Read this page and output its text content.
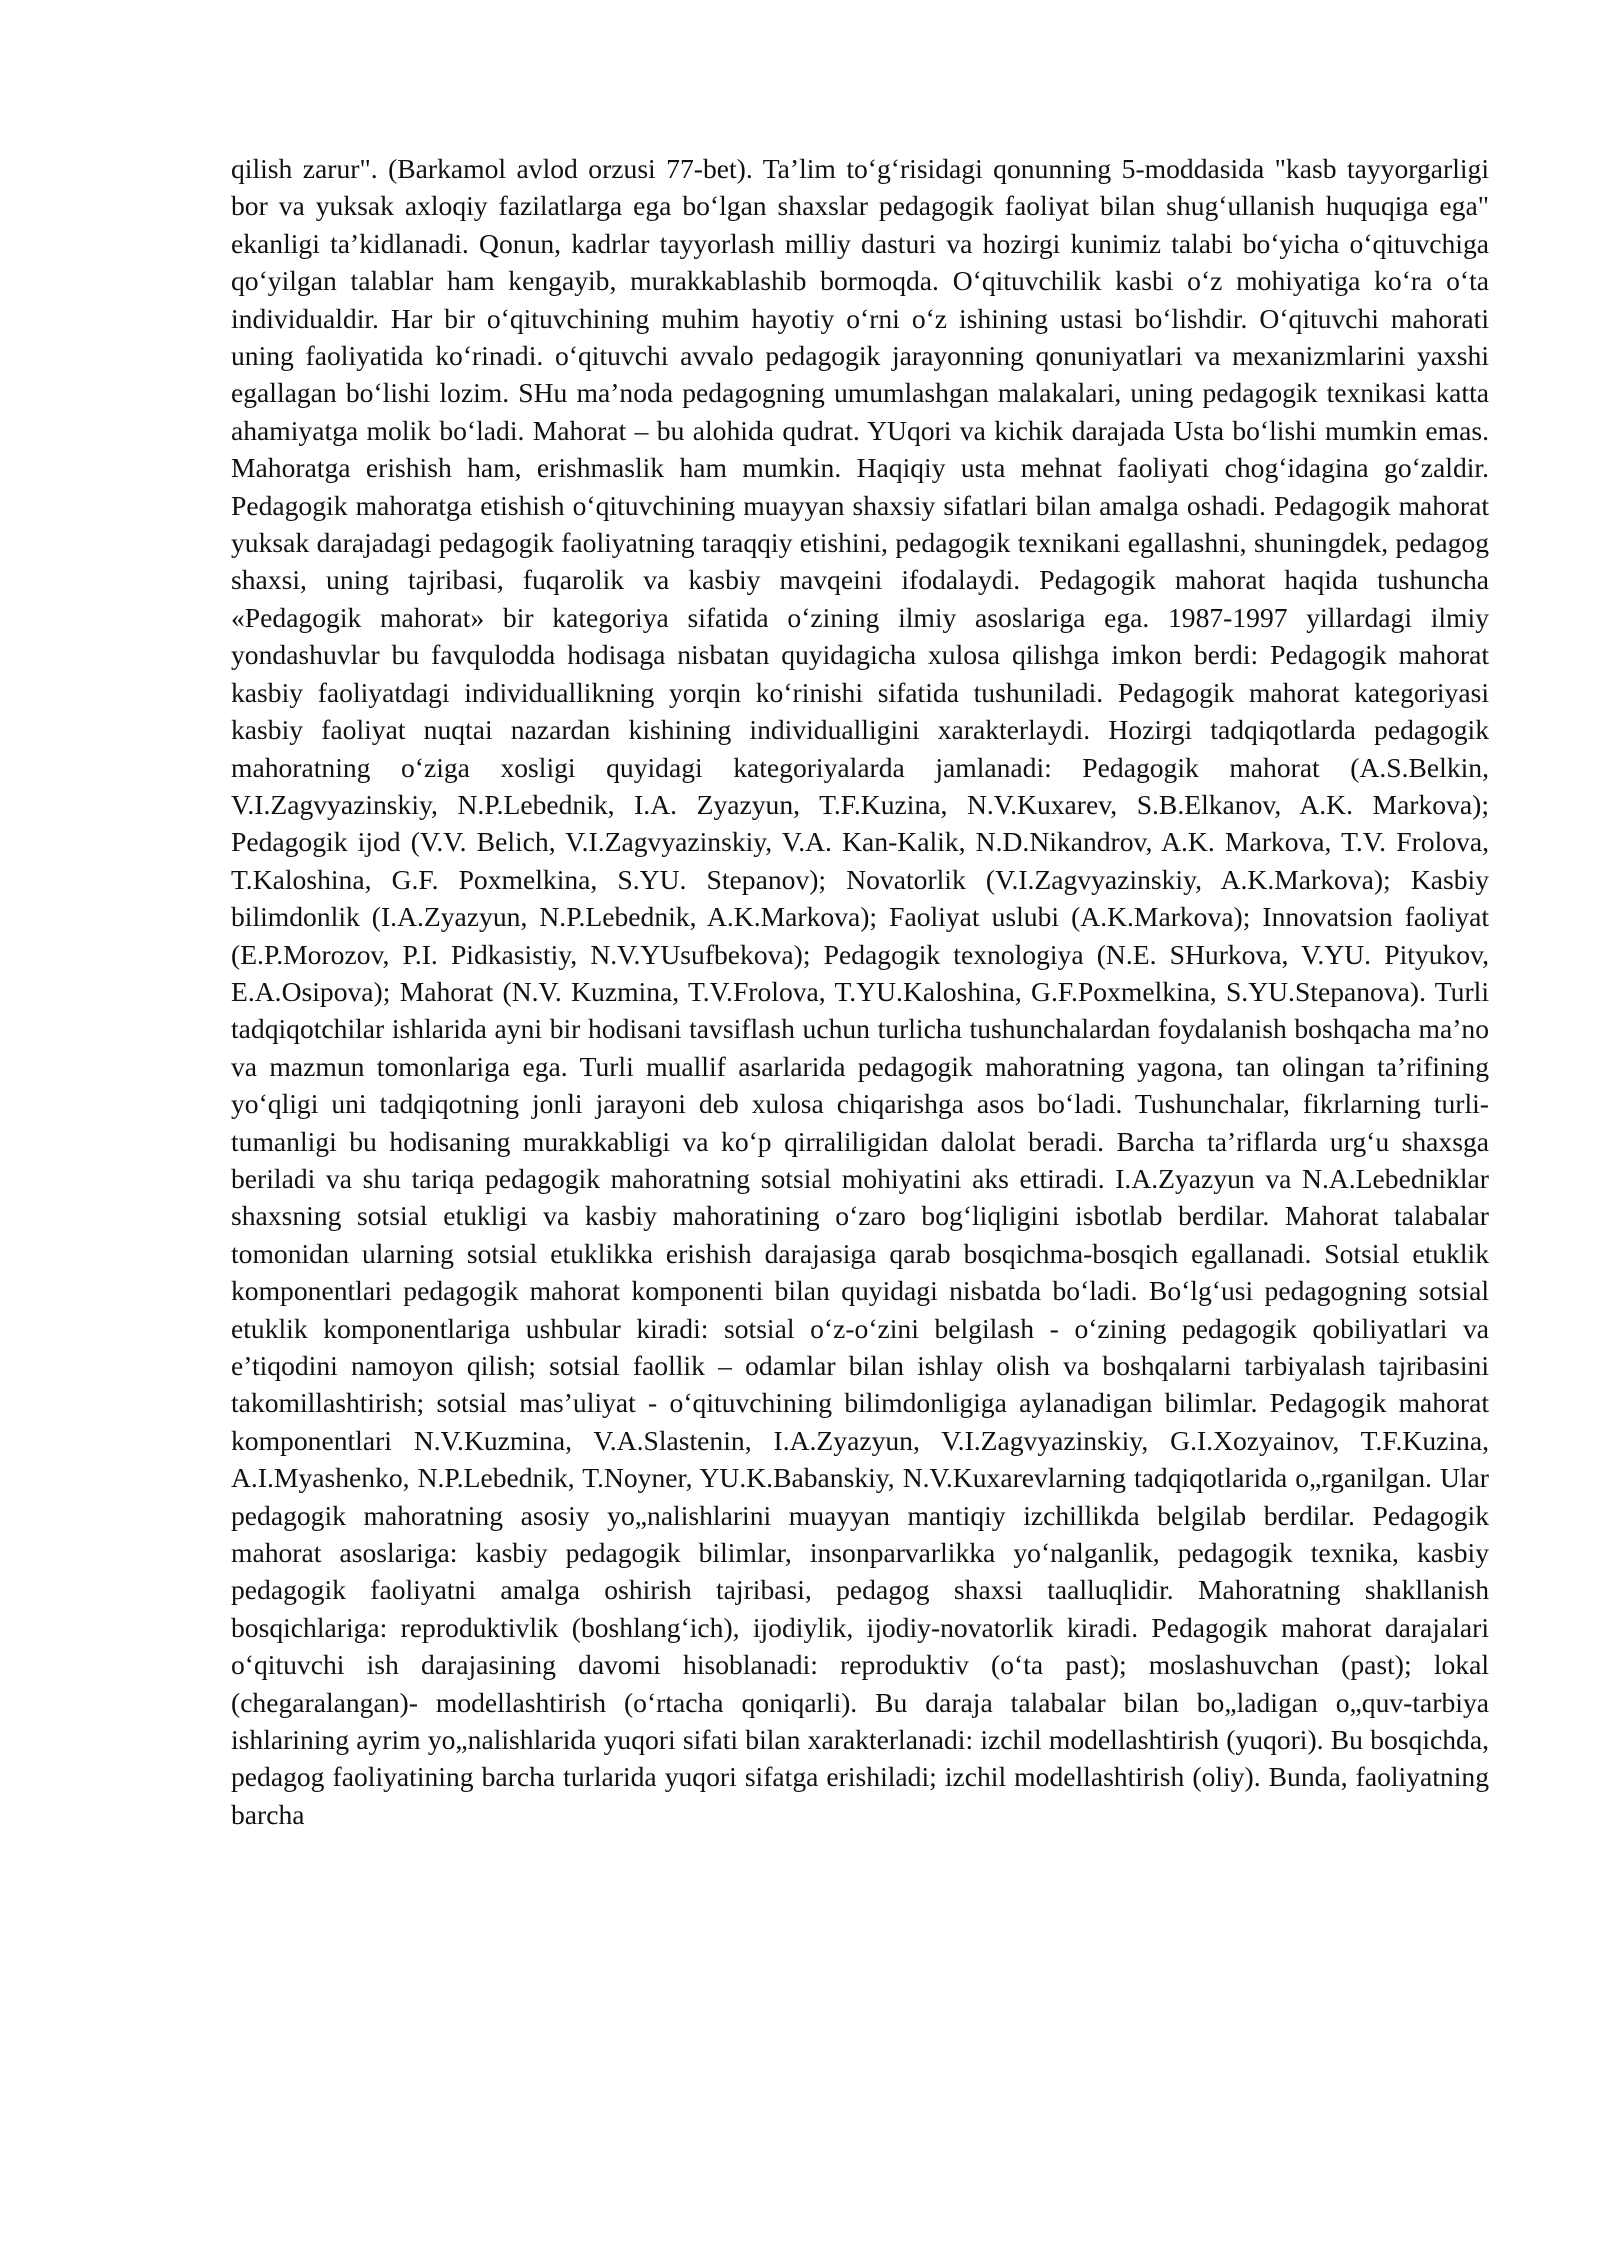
qilish zarur". (Barkamol avlod orzusi 77-bet). Ta’lim to‘g‘risidagi qonunning 5-moddasida "kasb tayyorgarligi bor va yuksak axloqiy fazilatlarga ega bo‘lgan shaxslar pedagogik faoliyat bilan shug‘ullanish huquqiga ega" ekanligi ta’kidlanadi. Qonun, kadrlar tayyorlash milliy dasturi va hozirgi kunimiz talabi bo‘yicha o‘qituvchiga qo‘yilgan talablar ham kengayib, murakkablashib bormoqda. O‘qituvchilik kasbi o‘z mohiyatiga ko‘ra o‘ta individualdir. Har bir o‘qituvchining muhim hayotiy o‘rni o‘z ishining ustasi bo‘lishdir. O‘qituvchi mahorati uning faoliyatida ko‘rinadi. o‘qituvchi avvalo pedagogik jarayonning qonuniyatlari va mexanizmlarini yaxshi egallagan bo‘lishi lozim. SHu ma’noda pedagogning umumlashgan malakalari, uning pedagogik texnikasi katta ahamiyatga molik bo‘ladi. Mahorat – bu alohida qudrat. YUqori va kichik darajada Usta bo‘lishi mumkin emas. Mahoratga erishish ham, erishmaslik ham mumkin. Haqiqiy usta mehnat faoliyati chog‘idagina go‘zaldir. Pedagogik mahoratga etishish o‘qituvchining muayyan shaxsiy sifatlari bilan amalga oshadi. Pedagogik mahorat yuksak darajadagi pedagogik faoliyatning taraqqiy etishini, pedagogik texnikani egallashni, shuningdek, pedagog shaxsi, uning tajribasi, fuqarolik va kasbiy mavqeini ifodalaydi. Pedagogik mahorat haqida tushuncha «Pedagogik mahorat» bir kategoriya sifatida o‘zining ilmiy asoslariga ega. 1987-1997 yillardagi ilmiy yondashuvlar bu favqulodda hodisaga nisbatan quyidagicha xulosa qilishga imkon berdi: Pedagogik mahorat kasbiy faoliyatdagi individuallikning yorqin ko‘rinishi sifatida tushuniladi. Pedagogik mahorat kategoriyasi kasbiy faoliyat nuqtai nazardan kishining individualligini xarakterlaydi. Hozirgi tadqiqotlarda pedagogik mahoratning o‘ziga xosligi quyidagi kategoriyalarda jamlanadi: Pedagogik mahorat (A.S.Belkin, V.I.Zagvyazinskiy, N.P.Lebednik, I.A. Zyazyun, T.F.Kuzina, N.V.Kuxarev, S.B.Elkanov, A.K. Markova); Pedagogik ijod (V.V. Belich, V.I.Zagvyazinskiy, V.A. Kan-Kalik, N.D.Nikandrov, A.K. Markova, T.V. Frolova, T.Kaloshina, G.F. Poxmelkina, S.YU. Stepanov); Novatorlik (V.I.Zagvyazinskiy, A.K.Markova); Kasbiy bilimdonlik (I.A.Zyazyun, N.P.Lebednik, A.K.Markova); Faoliyat uslubi (A.K.Markova); Innovatsion faoliyat (E.P.Morozov, P.I. Pidkasistiy, N.V.YUsufbekova); Pedagogik texnologiya (N.E. SHurkova, V.YU. Pityukov, E.A.Osipova); Mahorat (N.V. Kuzmina, T.V.Frolova, T.YU.Kaloshina, G.F.Poxmelkina, S.YU.Stepanova). Turli tadqiqotchilar ishlarida ayni bir hodisani tavsiflash uchun turlicha tushunchalardan foydalanish boshqacha ma’no va mazmun tomonlariga ega. Turli muallif asarlarida pedagogik mahoratning yagona, tan olingan ta’rifining yo‘qligi uni tadqiqotning jonli jarayoni deb xulosa chiqarishga asos bo‘ladi. Tushunchalar, fikrlarning turli-tumanligi bu hodisaning murakkabligi va ko‘p qirraliligidan dalolat beradi. Barcha ta’riflarda urg‘u shaxsga beriladi va shu tariqa pedagogik mahoratning sotsial mohiyatini aks ettiradi. I.A.Zyazyun va N.A.Lebedniklar shaxsning sotsial etukligi va kasbiy mahoratining o‘zaro bog‘liqligini isbotlab berdilar. Mahorat talabalar tomonidan ularning sotsial etuklikka erishish darajasiga qarab bosqichma-bosqich egallanadi. Sotsial etuklik komponentlari pedagogik mahorat komponenti bilan quyidagi nisbatda bo‘ladi. Bo‘lg‘usi pedagogning sotsial etuklik komponentlariga ushbular kiradi: sotsial o‘z-o‘zini belgilash - o‘zining pedagogik qobiliyatlari va e’tiqodini namoyon qilish; sotsial faollik – odamlar bilan ishlay olish va boshqalarni tarbiyalash tajribasini takomillashtirish; sotsial mas’uliyat - o‘qituvchining bilimdonligiga aylanadigan bilimlar. Pedagogik mahorat komponentlari N.V.Kuzmina, V.A.Slastenin, I.A.Zyazyun, V.I.Zagvyazinskiy, G.I.Xozyainov, T.F.Kuzina, A.I.Myashenko, N.P.Lebednik, T.Noyner, YU.K.Babanskiy, N.V.Kuxarevlarning tadqiqotlarida o„rganilgan. Ular pedagogik mahoratning asosiy yo„nalishlarini muayyan mantiqiy izchillikda belgilab berdilar. Pedagogik mahorat asoslariga: kasbiy pedagogik bilimlar, insonparvarlikka yo‘nalganlik, pedagogik texnika, kasbiy pedagogik faoliyatni amalga oshirish tajribasi, pedagog shaxsi taalluqlidir. Mahoratning shakllanish bosqichlariga: reproduktivlik (boshlang‘ich), ijodiylik, ijodiy-novatorlik kiradi. Pedagogik mahorat darajalari o‘qituvchi ish darajasining davomi hisoblanadi: reproduktiv (o‘ta past); moslashuvchan (past); lokal (chegaralangan)- modellashtirish (o‘rtacha qoniqarli). Bu daraja talabalar bilan bo„ladigan o„quv-tarbiya ishlarining ayrim yo„nalishlarida yuqori sifati bilan xarakterlanadi: izchil modellashtirish (yuqori). Bu bosqichda, pedagog faoliyatining barcha turlarida yuqori sifatga erishiladi; izchil modellashtirish (oliy). Bunda, faoliyatning barcha
